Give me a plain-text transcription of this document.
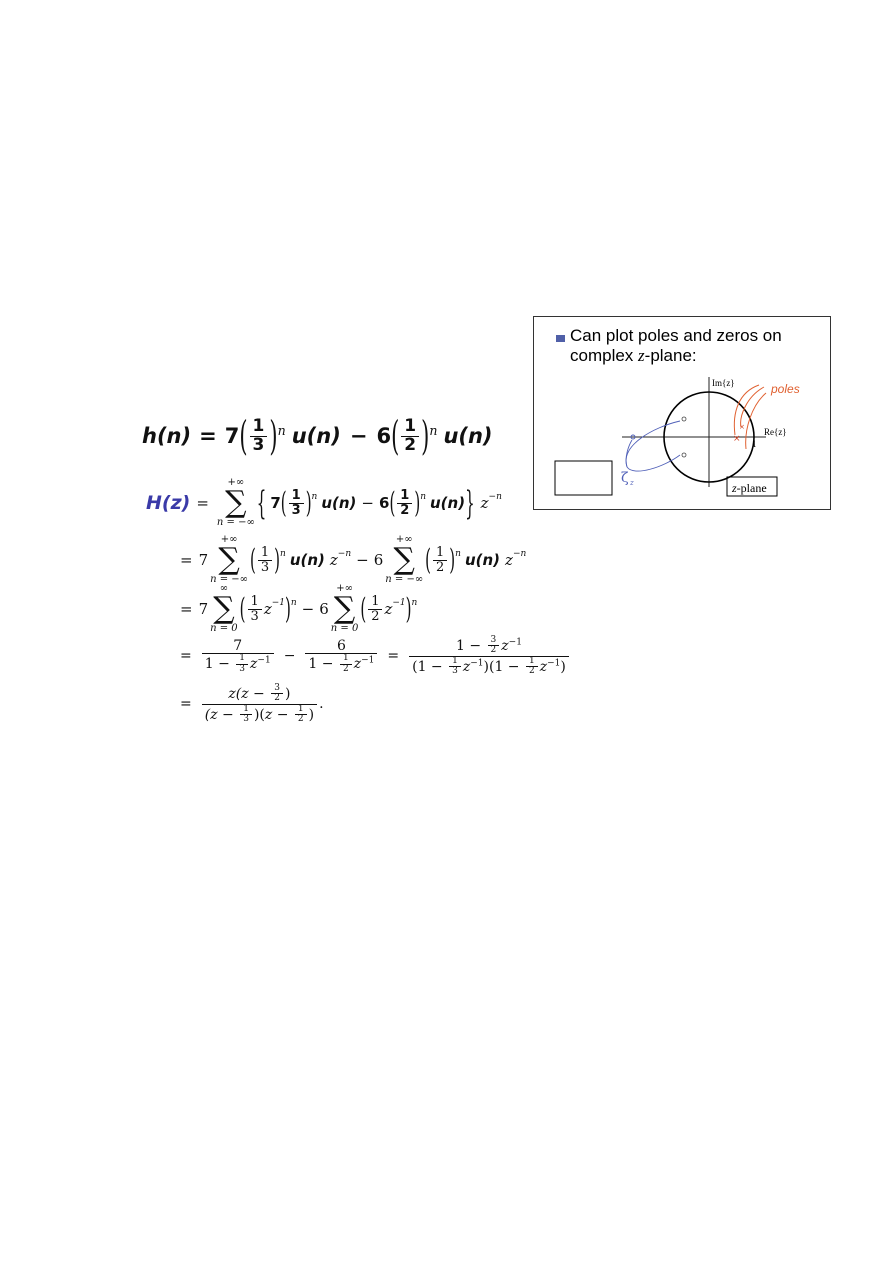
h(n) = 7 ( $\frac{1}{3}$ ) n u(n) − 6 ( $\frac{1}{2}$ ) n u(n)
H(z) =
+∞
∑
n = −∞ { 7 ( $\frac{1}{3}$ ) n u(n) − 6 ( $\frac{1}{2}$ ) n u(n) } z −n
= 7
+∞
∑
n = −∞
( $\frac{1}{3}$ ) n u(n) z −n − 6
+∞
∑
n = −∞
( $\frac{1}{2}$ ) n u(n) z −n
= 7
∞
∑
n = 0
( $\frac{1}{3}$ z −1 ) n − 6
+∞
∑
n = 0
( $\frac{1}{2}$ z −1 ) n
= $\frac{7}{1 - \frac{1}{3} z^{-1}} - \frac{6}{1 - \frac{1}{2} z^{-1}} = \frac{1 - \frac{3}{2} z^{-1}}{(1 - \frac{1}{3} z^{-1})(1 - \frac{1}{2} z^{-1})}$
= $\frac{z(z - \frac{3}{2} )}{(z - \frac{1}{3} )(z - \frac{1}{2} )}$ .
Can plot poles and zeros on
complex z-plane:
×
×
Im{z}
Re{z}
1
poles
ζ z	z-plane
